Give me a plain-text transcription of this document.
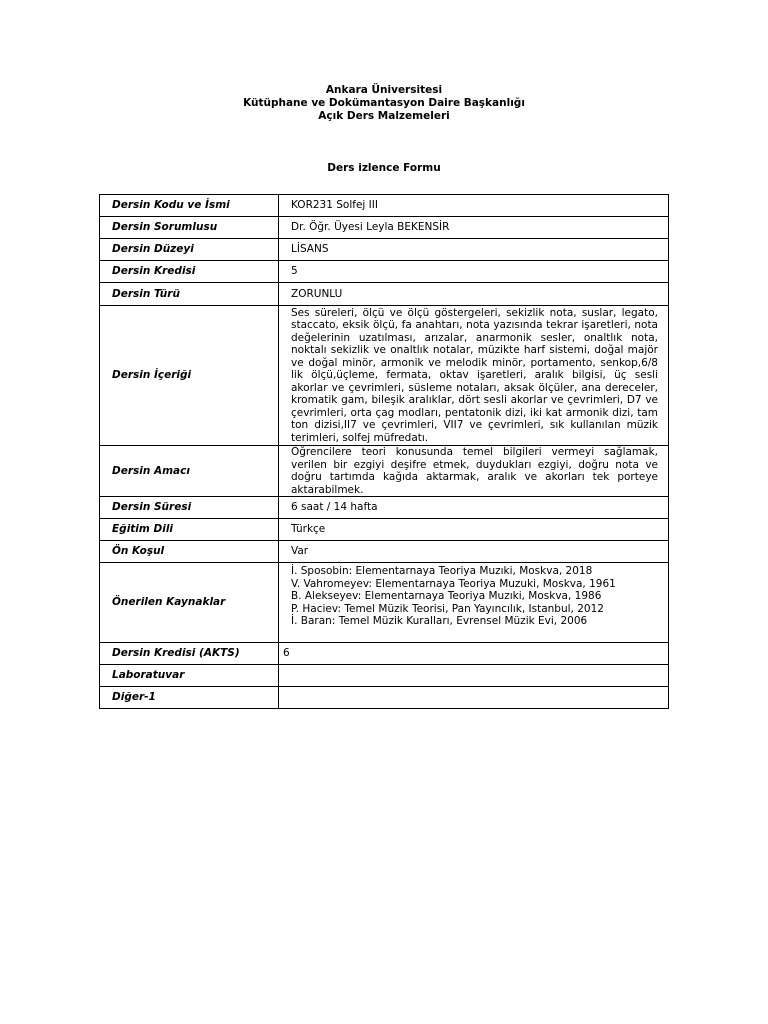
Ankara Üniversitesi
Kütüphane ve Dokümantasyon Daire Başkanlığı
Açık Ders Malzemeleri
Ders izlence Formu
Dersin Kodu ve İsmi	KOR231 Solfej III
Dersin Sorumlusu	Dr. Öğr. Üyesi Leyla BEKENSİR
Dersin Düzeyi	LİSANS
Dersin Kredisi	5
Dersin Türü	ZORUNLU
Dersin İçeriği	Ses süreleri, ölçü ve ölçü göstergeleri, sekizlik nota, suslar, legato, staccato, eksik ölçü, fa anahtarı, nota yazısında tekrar işaretleri, nota değelerinin uzatılması, arızalar, anarmonik sesler, onaltlık nota, noktalı sekizlik ve onaltlık notalar, müzikte harf sistemi, doğal majör ve doğal minör, armonik ve melodik minör, portamento, senkop,6/8 lik ölçü,üçleme, fermata, oktav işaretleri, aralık bilgisi, üç sesli akorlar ve çevrimleri, süsleme notaları, aksak ölçüler, ana dereceler, kromatik gam, bileşik aralıklar, dört sesli akorlar ve çevrimleri, D7 ve çevrimleri, orta çag modları, pentatonik dizi, iki kat armonik dizi, tam ton dizisi,II7 ve çevrimleri, VII7 ve çevrimleri, sık kullanılan müzik terimleri, solfej müfredatı.
Dersin Amacı	Öğrencilere teori konusunda temel bilgileri vermeyi sağlamak, verilen bir ezgiyi deşifre etmek, duydukları ezgiyi, doğru nota ve doğru tartımda kağıda aktarmak, aralık ve akorları tek porteye aktarabilmek.
Dersin Süresi	6 saat / 14 hafta
Eğitim Dili	Türkçe
Ön Koşul	Var
Önerilen Kaynaklar	İ. Sposobin: Elementarnaya Teoriya Muzıki, Moskva, 2018
V. Vahromeyev: Elementarnaya Teoriya Muzuki, Moskva, 1961
B. Alekseyev: Elementarnaya Teoriya Muzıki, Moskva, 1986
P. Haciev: Temel Müzik Teorisi, Pan Yayıncılık, Istanbul, 2012
İ. Baran: Temel Müzik Kuralları, Evrensel Müzik Evi, 2006

Dersin Kredisi (AKTS)	6
Laboratuvar	
Diğer-1	
